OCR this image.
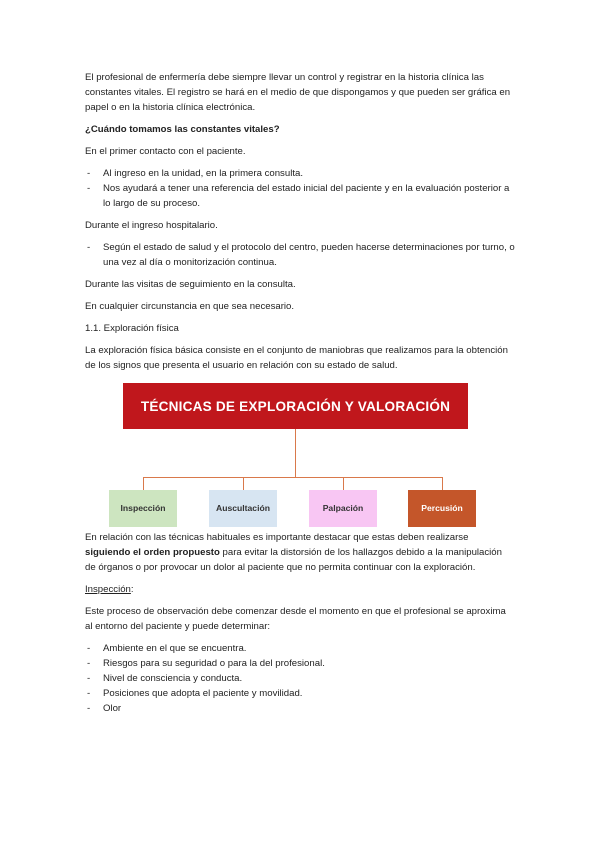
El profesional de enfermería debe siempre llevar un control y registrar en la historia clínica las constantes vitales. El registro se hará en el medio de que dispongamos y que pueden ser gráfica en papel o en la historia clínica electrónica.

¿Cuándo tomamos las constantes vitales?

En el primer contacto con el paciente.

- Al ingreso en la unidad, en la primera consulta.
- Nos ayudará a tener una referencia del estado inicial del paciente y en la evaluación posterior a lo largo de su proceso.

Durante el ingreso hospitalario.

- Según el estado de salud y el protocolo del centro, pueden hacerse determinaciones por turno, o una vez al día o monitorización continua.

Durante las visitas de seguimiento en la consulta.

En cualquier circunstancia en que sea necesario.

1.1. Exploración física

La exploración física básica consiste en el conjunto de maniobras que realizamos para la obtención de los signos que presenta el usuario en relación con su estado de salud.

TÉCNICAS DE EXPLORACIÓN Y VALORACIÓN
Inspección	Auscultación	Palpación	Percusión

En relación con las técnicas habituales es importante destacar que estas deben realizarse siguiendo el orden propuesto para evitar la distorsión de los hallazgos debido a la manipulación de órganos o por provocar un dolor al paciente que no permita continuar con la exploración.

Inspección:

Este proceso de observación debe comenzar desde el momento en que el profesional se aproxima al entorno del paciente y puede determinar:

- Ambiente en el que se encuentra.
- Riesgos para su seguridad o para la del profesional.
- Nivel de consciencia y conducta.
- Posiciones que adopta el paciente y movilidad.
- Olor
